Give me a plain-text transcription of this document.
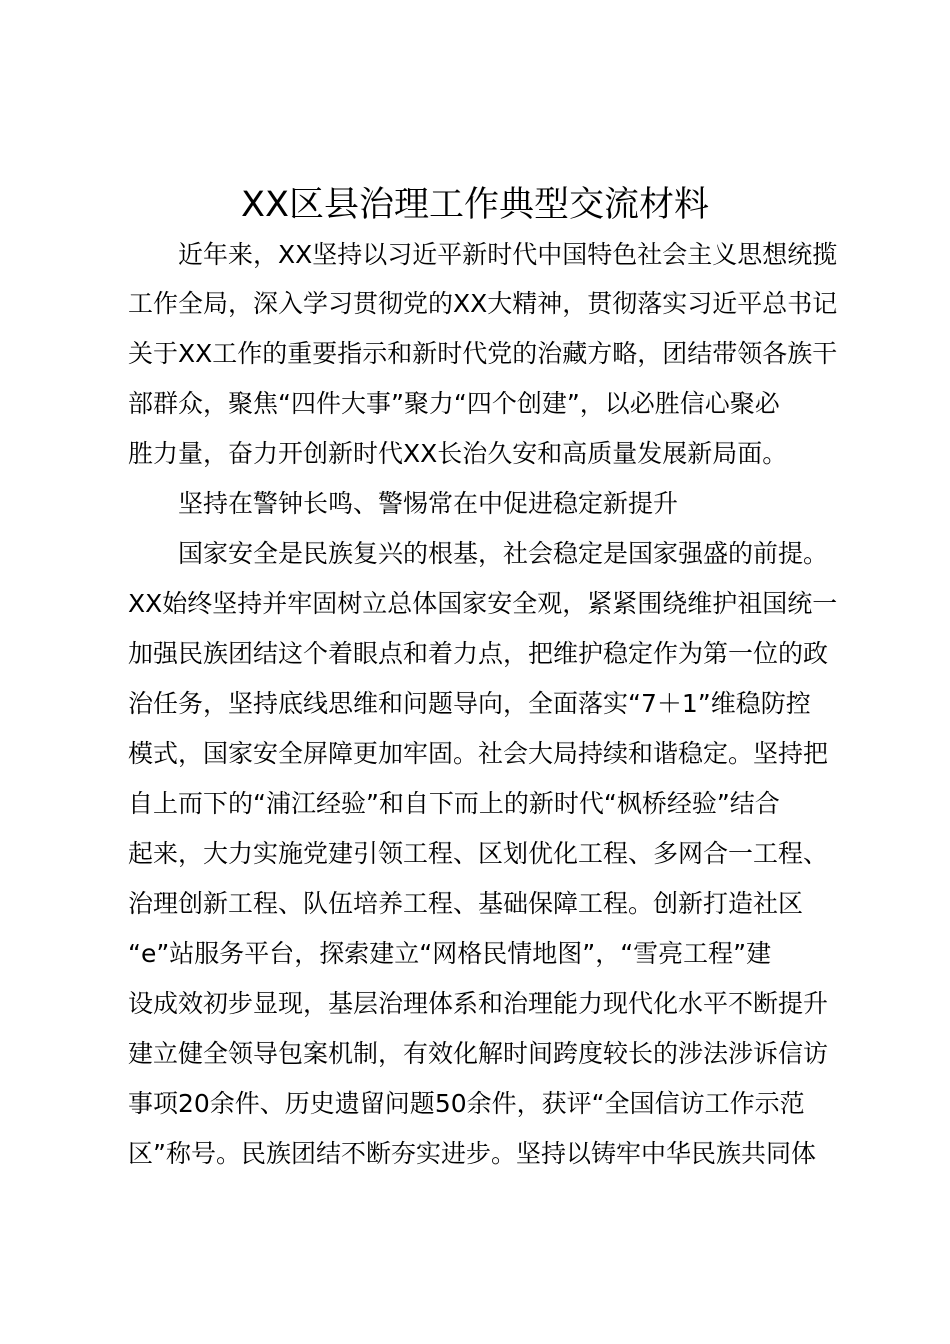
XX区县治理工作典型交流材料
近年来，XX坚持以习近平新时代中国特色社会主义思想统揽
工作全局，深入学习贯彻党的XX大精神，贯彻落实习近平总书记
关于XX工作的重要指示和新时代党的治藏方略，团结带领各族干
部群众，聚焦“四件大事”聚力“四个创建”，以必胜信心聚必
胜力量，奋力开创新时代XX长治久安和高质量发展新局面。
坚持在警钟长鸣、警惕常在中促进稳定新提升
国家安全是民族复兴的根基，社会稳定是国家强盛的前提。
XX始终坚持并牢固树立总体国家安全观，紧紧围绕维护祖国统一
加强民族团结这个着眼点和着力点，把维护稳定作为第一位的政
治任务，坚持底线思维和问题导向，全面落实“7＋1”维稳防控
模式，国家安全屏障更加牢固。社会大局持续和谐稳定。坚持把
自上而下的“浦江经验”和自下而上的新时代“枫桥经验”结合
起来，大力实施党建引领工程、区划优化工程、多网合一工程、
治理创新工程、队伍培养工程、基础保障工程。创新打造社区
“e”站服务平台，探索建立“网格民情地图”，“雪亮工程”建
设成效初步显现，基层治理体系和治理能力现代化水平不断提升
建立健全领导包案机制，有效化解时间跨度较长的涉法涉诉信访
事项20余件、历史遗留问题50余件，获评“全国信访工作示范
区”称号。民族团结不断夯实进步。坚持以铸牢中华民族共同体
